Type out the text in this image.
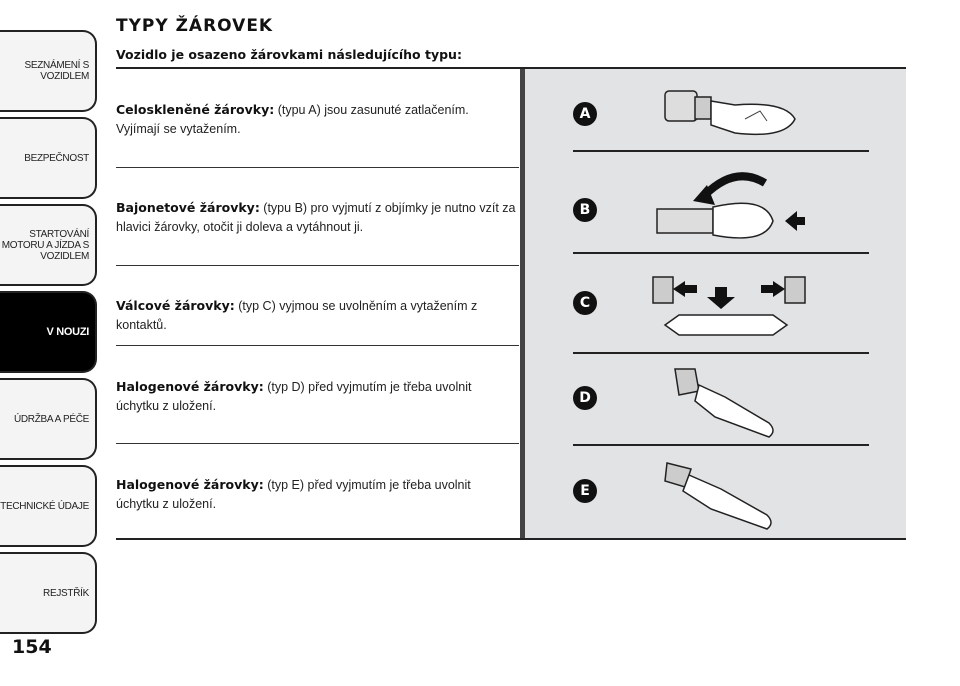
SEZNÁMENÍ S
VOZIDLEM
BEZPEČNOST
STARTOVÁNÍ
MOTORU A JÍZDA S
VOZIDLEM
V NOUZI
ÚDRŽBA A PÉČE
TECHNICKÉ ÚDAJE
REJSTŘÍK
154
TYPY ŽÁROVEK
Vozidlo je osazeno žárovkami následujícího typu:
Celoskleněné žárovky: (typu A) jsou zasunuté zatlačením. Vyjímají se vytažením.
Bajonetové žárovky: (typu B) pro vyjmutí z objímky je nutno vzít za hlavici žárovky, otočit ji doleva a vytáhnout ji.
Válcové žárovky: (typ C) vyjmou se uvolněním a vytažením z kontaktů.
Halogenové žárovky: (typ D) před vyjmutím je třeba uvolnit úchytku z uložení.
Halogenové žárovky: (typ E) před vyjmutím je třeba uvolnit úchytku z uložení.
A
B
C
D
E
